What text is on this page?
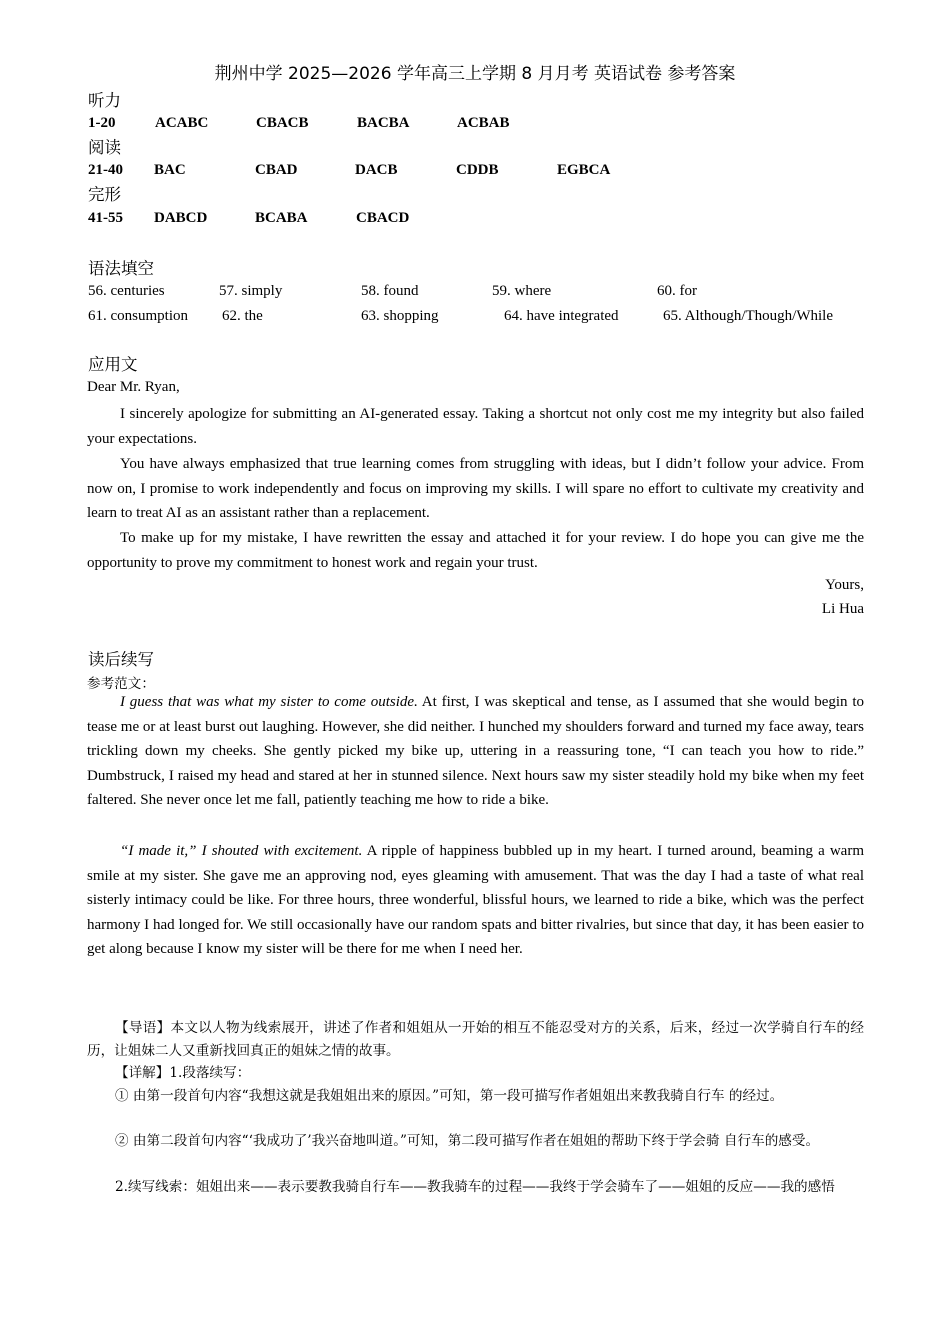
荆州中学 2025—2026 学年高三上学期 8 月月考 英语试卷 参考答案
听力
1-20	ACABC	CBACB	BACBA	ACBAB
阅读
21-40 BAC	CBAD	DACB	CDDB	EGBCA
完形
41-55 DABCD	BCABA	CBACD
语法填空
56. centuries	57. simply	58. found	59. where	60. for
61. consumption 62. the	63. shopping	64. have integrated	65. Although/Though/While
应用文
Dear Mr. Ryan,
I sincerely apologize for submitting an AI-generated essay. Taking a shortcut not only cost me my integrity but also failed your expectations.
You have always emphasized that true learning comes from struggling with ideas, but I didn’t follow your advice. From now on, I promise to work independently and focus on improving my skills. I will spare no effort to cultivate my creativity and learn to treat AI as an assistant rather than a replacement.
To make up for my mistake, I have rewritten the essay and attached it for your review. I do hope you can give me the opportunity to prove my commitment to honest work and regain your trust.
Yours,
Li Hua
读后续写
参考范文：
I guess that was what my sister to come outside. At first, I was skeptical and tense, as I assumed that she would begin to tease me or at least burst out laughing. However, she did neither. I hunched my shoulders forward and turned my face away, tears trickling down my cheeks. She gently picked my bike up, uttering in a reassuring tone, “I can teach you how to ride.” Dumbstruck, I raised my head and stared at her in stunned silence. Next hours saw my sister steadily hold my bike when my feet faltered. She never once let me fall, patiently teaching me how to ride a bike.
“I made it,” I shouted with excitement. A ripple of happiness bubbled up in my heart. I turned around, beaming a warm smile at my sister. She gave me an approving nod, eyes gleaming with amusement. That was the day I had a taste of what real sisterly intimacy could be like. For three hours, three wonderful, blissful hours, we learned to ride a bike, which was the perfect harmony I had longed for. We still occasionally have our random spats and bitter rivalries, but since that day, it has been easier to get along because I know my sister will be there for me when I need her.
【导语】本文以人物为线索展开，讲述了作者和姐姐从一开始的相互不能忍受对方的关系，后来，经过一次学骑自行车的经历，让姐妹二人又重新找回真正的姐妹之情的故事。
【详解】1.段落续写：
① 由第一段首句内容“我想这就是我姐姐出来的原因。”可知，第一段可描写作者姐姐出来教我骑自行车 的经过。
② 由第二段首句内容“‘我成功了’我兴奋地叫道。”可知，第二段可描写作者在姐姐的帮助下终于学会骑 自行车的感受。
2.续写线索：姐姐出来——表示要教我骑自行车——教我骑车的过程——我终于学会骑车了——姐姐的反应——我的感悟
